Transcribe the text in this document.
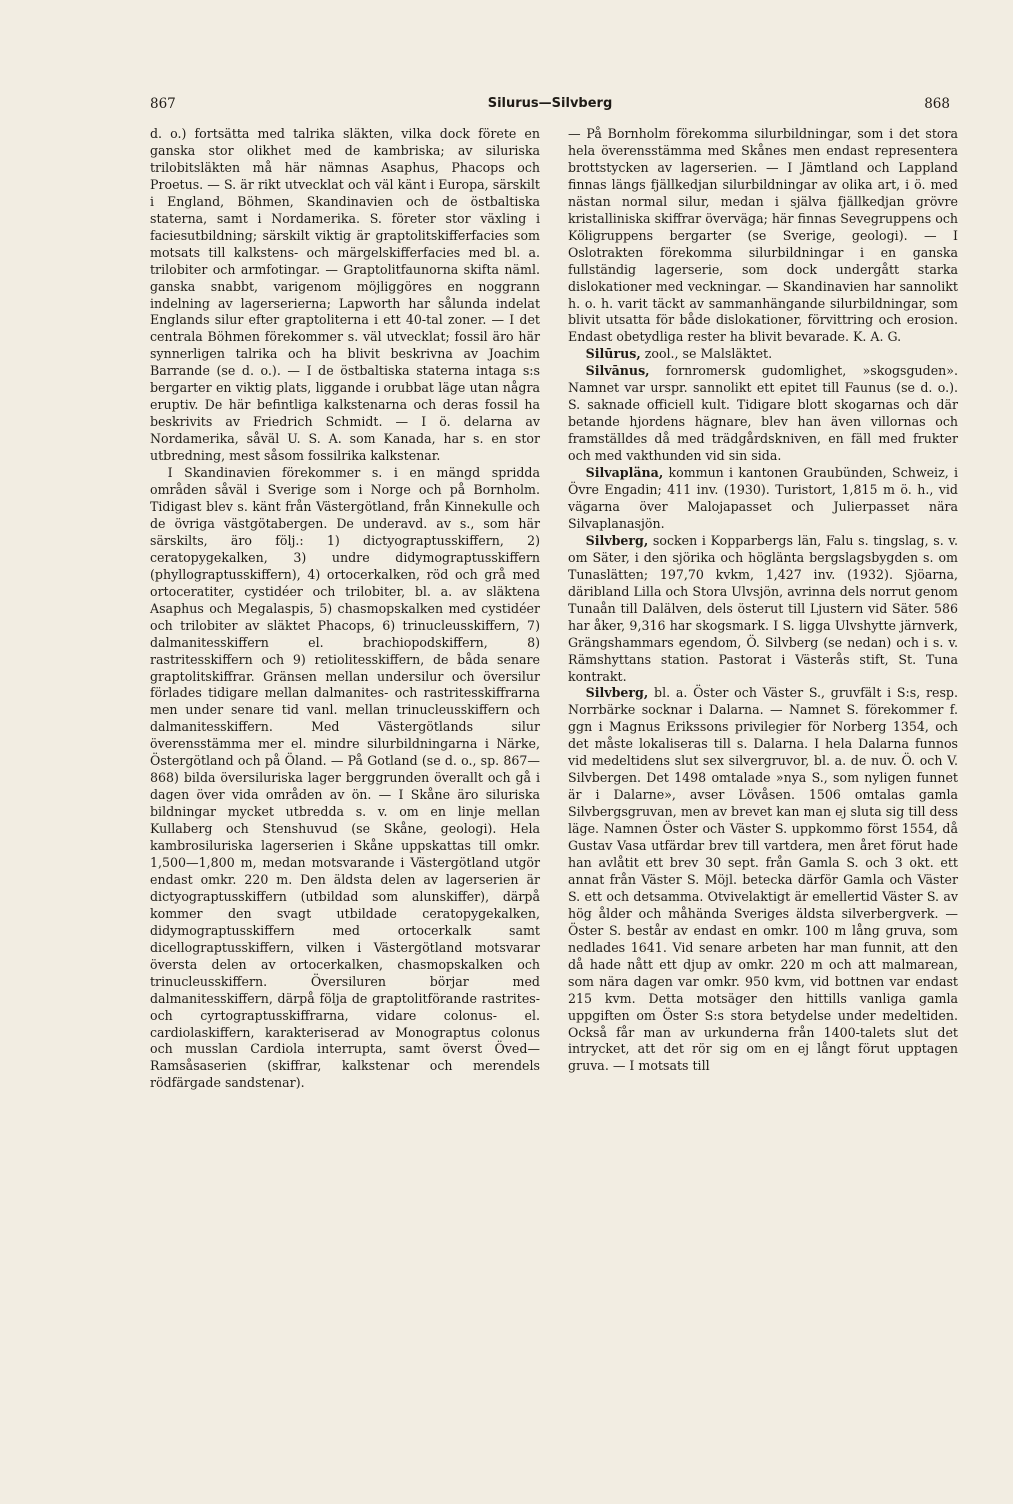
867	Silurus—Silvberg	868

d. o.) fortsätta med talrika släkten, vilka dock förete en ganska stor olikhet med de kambriska; av siluriska trilobitsläkten må här nämnas Asaphus, Phacops och Proetus. — S. är rikt utvecklat och väl känt i Europa, särskilt i England, Böhmen, Skandinavien och de östbaltiska staterna, samt i Nordamerika. S. företer stor växling i faciesutbildning; särskilt viktig är graptolitskifferfacies som motsats till kalkstens- och märgelskifferfacies med bl. a. trilobiter och armfotingar. — Graptolitfaunorna skifta näml. ganska snabbt, varigenom möjliggöres en noggrann indelning av lagerserierna; Lapworth har sålunda indelat Englands silur efter graptoliterna i ett 40-tal zoner. — I det centrala Böhmen förekommer s. väl utvecklat; fossil äro här synnerligen talrika och ha blivit beskrivna av Joachim Barrande (se d. o.). — I de östbaltiska staterna intaga s:s bergarter en viktig plats, liggande i orubbat läge utan några eruptiv. De här befintliga kalkstenarna och deras fossil ha beskrivits av Friedrich Schmidt. — I ö. delarna av Nordamerika, såväl U. S. A. som Kanada, har s. en stor utbredning, mest såsom fossilrika kalkstenar.

I Skandinavien förekommer s. i en mängd spridda områden såväl i Sverige som i Norge och på Bornholm. Tidigast blev s. känt från Västergötland, från Kinnekulle och de övriga västgötabergen. De underavd. av s., som här särskilts, äro följ.: 1) dictyograptusskiffern, 2) ceratopygekalken, 3) undre didymograptusskiffern (phyllograptusskiffern), 4) ortocerkalken, röd och grå med ortoceratiter, cystidéer och trilobiter, bl. a. av släktena Asaphus och Megalaspis, 5) chasmopskalken med cystidéer och trilobiter av släktet Phacops, 6) trinucleusskiffern, 7) dalmanitesskiffern el. brachiopodskiffern, 8) rastritesskiffern och 9) retiolitesskiffern, de båda senare graptolitskiffrar. Gränsen mellan undersilur och översilur förlades tidigare mellan dalmanites- och rastritesskiffrarna men under senare tid vanl. mellan trinucleusskiffern och dalmanitesskiffern. Med Västergötlands silur överensstämma mer el. mindre silurbildningarna i Närke, Östergötland och på Öland. — På Gotland (se d. o., sp. 867—868) bilda översiluriska lager berggrunden överallt och gå i dagen över vida områden av ön. — I Skåne äro siluriska bildningar mycket utbredda s. v. om en linje mellan Kullaberg och Stenshuvud (se Skåne, geologi). Hela kambrosiluriska lagerserien i Skåne uppskattas till omkr. 1,500—1,800 m, medan motsvarande i Västergötland utgör endast omkr. 220 m. Den äldsta delen av lagerserien är dictyograptusskiffern (utbildad som alunskiffer), därpå kommer den svagt utbildade ceratopygekalken, didymograptusskiffern med ortocerkalk samt dicellograptusskiffern, vilken i Västergötland motsvarar översta delen av ortocerkalken, chasmopskalken och trinucleusskiffern. Översiluren börjar med dalmanitesskiffern, därpå följa de graptolitförande rastrites- och cyrtograptusskiffrarna, vidare colonus- el. cardiolaskiffern, karakteriserad av Monograptus colonus och musslan Cardiola interrupta, samt överst Öved—Ramsåsaserien (skiffrar, kalkstenar och merendels rödfärgade sandstenar).

— På Bornholm förekomma silurbildningar, som i det stora hela överensstämma med Skånes men endast representera brottstycken av lagerserien. — I Jämtland och Lappland finnas längs fjällkedjan silurbildningar av olika art, i ö. med nästan normal silur, medan i själva fjällkedjan grövre kristalliniska skiffrar överväga; här finnas Sevegruppens och Köligruppens bergarter (se Sverige, geologi). — I Oslotrakten förekomma silurbildningar i en ganska fullständig lagerserie, som dock undergått starka dislokationer med veckningar. — Skandinavien har sannolikt h. o. h. varit täckt av sammanhängande silurbildningar, som blivit utsatta för både dislokationer, förvittring och erosion. Endast obetydliga rester ha blivit bevarade. K. A. G.

Silūrus, zool., se Malsläktet.

Silvānus, fornromersk gudomlighet, »skogsguden». Namnet var urspr. sannolikt ett epitet till Faunus (se d. o.). S. saknade officiell kult. Tidigare blott skogarnas och där betande hjordens hägnare, blev han även villornas och framställdes då med trädgårdskniven, en fäll med frukter och med vakthunden vid sin sida.

Silvapläna, kommun i kantonen Graubünden, Schweiz, i Övre Engadin; 411 inv. (1930). Turistort, 1,815 m ö. h., vid vägarna över Malojapasset och Julierpasset nära Silvaplanasjön.

Silvberg, socken i Kopparbergs län, Falu s. tingslag, s. v. om Säter, i den sjörika och höglänta bergslagsbygden s. om Tunaslätten; 197,70 kvkm, 1,427 inv. (1932). Sjöarna, däribland Lilla och Stora Ulvsjön, avrinna dels norrut genom Tunaån till Dalälven, dels österut till Ljustern vid Säter. 586 har åker, 9,316 har skogsmark. I S. ligga Ulvshytte järnverk, Grängshammars egendom, Ö. Silvberg (se nedan) och i s. v. Rämshyttans station. Pastorat i Västerås stift, St. Tuna kontrakt.

Silvberg, bl. a. Öster och Väster S., gruvfält i S:s, resp. Norrbärke socknar i Dalarna. — Namnet S. förekommer f. ggn i Magnus Erikssons privilegier för Norberg 1354, och det måste lokaliseras till s. Dalarna. I hela Dalarna funnos vid medeltidens slut sex silvergruvor, bl. a. de nuv. Ö. och V. Silvbergen. Det 1498 omtalade »nya S., som nyligen funnet är i Dalarne», avser Lövåsen. 1506 omtalas gamla Silvbergsgruvan, men av brevet kan man ej sluta sig till dess läge. Namnen Öster och Väster S. uppkommo först 1554, då Gustav Vasa utfärdar brev till vartdera, men året förut hade han avlåtit ett brev 30 sept. från Gamla S. och 3 okt. ett annat från Väster S. Möjl. betecka därför Gamla och Väster S. ett och detsamma. Otvivelaktigt är emellertid Väster S. av hög ålder och måhända Sveriges äldsta silverbergverk. — Öster S. består av endast en omkr. 100 m lång gruva, som nedlades 1641. Vid senare arbeten har man funnit, att den då hade nått ett djup av omkr. 220 m och att malmarean, som nära dagen var omkr. 950 kvm, vid bottnen var endast 215 kvm. Detta motsäger den hittills vanliga gamla uppgiften om Öster S:s stora betydelse under medeltiden. Också får man av urkunderna från 1400-talets slut det intrycket, att det rör sig om en ej långt förut upptagen gruva. — I motsats till
